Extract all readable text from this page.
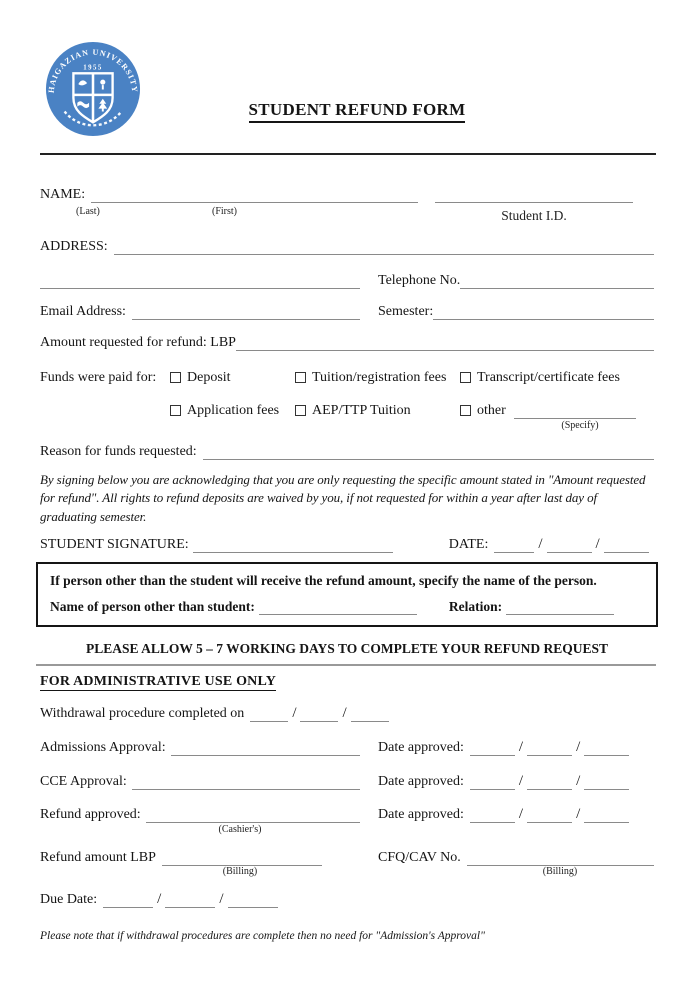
HAIGAZIAN UNIVERSITY
1955
STUDENT REFUND FORM
NAME:
(Last)	(First)	Student I.D.
ADDRESS:
Telephone No.
Email Address:	Semester:
Amount requested for refund: LBP
Funds were paid for: Deposit	Tuition/registration fees Transcript/certificate fees
Application fees AEP/TTP Tuition	other
(Specify)
Reason for funds requested:
By signing below you are acknowledging that you are only requesting the specific amount stated in "Amount requested for refund". All rights to refund deposits are waived by you, if not requested for within a year after last day of graduating semester.
STUDENT SIGNATURE:	DATE:	/	/
If person other than the student will receive the refund amount, specify the name of the person.
Name of person other than student:	Relation:
PLEASE ALLOW 5 – 7 WORKING DAYS TO COMPLETE YOUR REFUND REQUEST
FOR ADMINISTRATIVE USE ONLY
Withdrawal procedure completed on	/	/
Admissions Approval:	Date approved:	/	/
CCE Approval:	Date approved:	/	/
Refund approved:	Date approved:	/	/
(Cashier's)
Refund amount LBP	CFQ/CAV No.
(Billing)	(Billing)
Due Date:	/	/
Please note that if withdrawal procedures are complete then no need for "Admission's Approval"
